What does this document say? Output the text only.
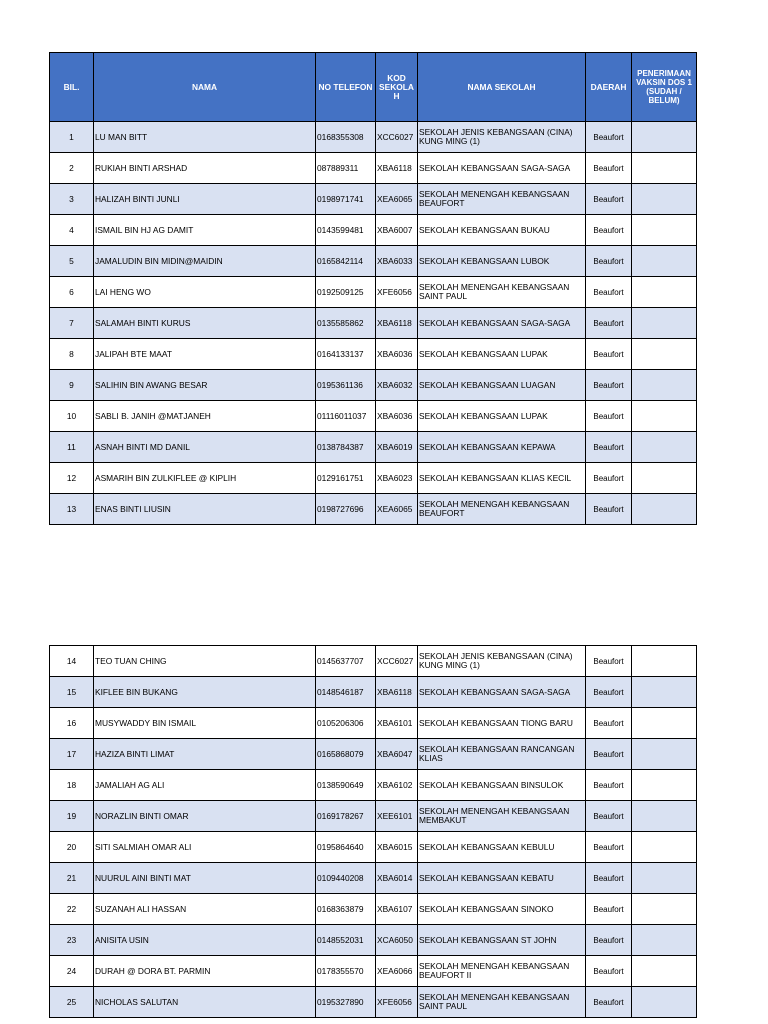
BIL.	NAMA	NO TELEFON	KOD SEKOLA H	NAMA SEKOLAH	DAERAH	PENERIMAAN VAKSIN DOS 1 (SUDAH / BELUM)
1	LU MAN BITT	0168355308	XCC6027	SEKOLAH JENIS KEBANGSAAN (CINA) KUNG MING (1)	Beaufort	
2	RUKIAH BINTI ARSHAD	087889311	XBA6118	SEKOLAH KEBANGSAAN SAGA-SAGA	Beaufort	
3	HALIZAH BINTI JUNLI	0198971741	XEA6065	SEKOLAH MENENGAH KEBANGSAAN BEAUFORT	Beaufort	
4	ISMAIL BIN HJ AG DAMIT	0143599481	XBA6007	SEKOLAH KEBANGSAAN BUKAU	Beaufort	
5	JAMALUDIN BIN MIDIN@MAIDIN	0165842114	XBA6033	SEKOLAH KEBANGSAAN LUBOK	Beaufort	
6	LAI HENG WO	0192509125	XFE6056	SEKOLAH MENENGAH KEBANGSAAN SAINT PAUL	Beaufort	
7	SALAMAH BINTI KURUS	0135585862	XBA6118	SEKOLAH KEBANGSAAN SAGA-SAGA	Beaufort	
8	JALIPAH BTE MAAT	0164133137	XBA6036	SEKOLAH KEBANGSAAN LUPAK	Beaufort	
9	SALIHIN BIN AWANG BESAR	0195361136	XBA6032	SEKOLAH KEBANGSAAN LUAGAN	Beaufort	
10	SABLI B. JANIH @MATJANEH	01116011037	XBA6036	SEKOLAH KEBANGSAAN LUPAK	Beaufort	
11	ASNAH BINTI MD DANIL	0138784387	XBA6019	SEKOLAH KEBANGSAAN KEPAWA	Beaufort	
12	ASMARIH BIN ZULKIFLEE @ KIPLIH	0129161751	XBA6023	SEKOLAH KEBANGSAAN KLIAS KECIL	Beaufort	
13	ENAS BINTI LIUSIN	0198727696	XEA6065	SEKOLAH MENENGAH KEBANGSAAN BEAUFORT	Beaufort	
14	TEO TUAN CHING	0145637707	XCC6027	SEKOLAH JENIS KEBANGSAAN (CINA) KUNG MING (1)	Beaufort	
15	KIFLEE BIN BUKANG	0148546187	XBA6118	SEKOLAH KEBANGSAAN SAGA-SAGA	Beaufort	
16	MUSYWADDY BIN ISMAIL	0105206306	XBA6101	SEKOLAH KEBANGSAAN TIONG BARU	Beaufort	
17	HAZIZA BINTI LIMAT	0165868079	XBA6047	SEKOLAH KEBANGSAAN RANCANGAN KLIAS	Beaufort	
18	JAMALIAH AG ALI	0138590649	XBA6102	SEKOLAH KEBANGSAAN BINSULOK	Beaufort	
19	NORAZLIN BINTI OMAR	0169178267	XEE6101	SEKOLAH MENENGAH KEBANGSAAN MEMBAKUT	Beaufort	
20	SITI SALMIAH OMAR ALI	0195864640	XBA6015	SEKOLAH KEBANGSAAN KEBULU	Beaufort	
21	NUURUL AINI BINTI MAT	0109440208	XBA6014	SEKOLAH KEBANGSAAN KEBATU	Beaufort	
22	SUZANAH ALI HASSAN	0168363879	XBA6107	SEKOLAH KEBANGSAAN SINOKO	Beaufort	
23	ANISITA USIN	0148552031	XCA6050	SEKOLAH KEBANGSAAN ST JOHN	Beaufort	
24	DURAH @ DORA BT. PARMIN	0178355570	XEA6066	SEKOLAH MENENGAH KEBANGSAAN BEAUFORT II	Beaufort	
25	NICHOLAS SALUTAN	0195327890	XFE6056	SEKOLAH MENENGAH KEBANGSAAN SAINT PAUL	Beaufort	
